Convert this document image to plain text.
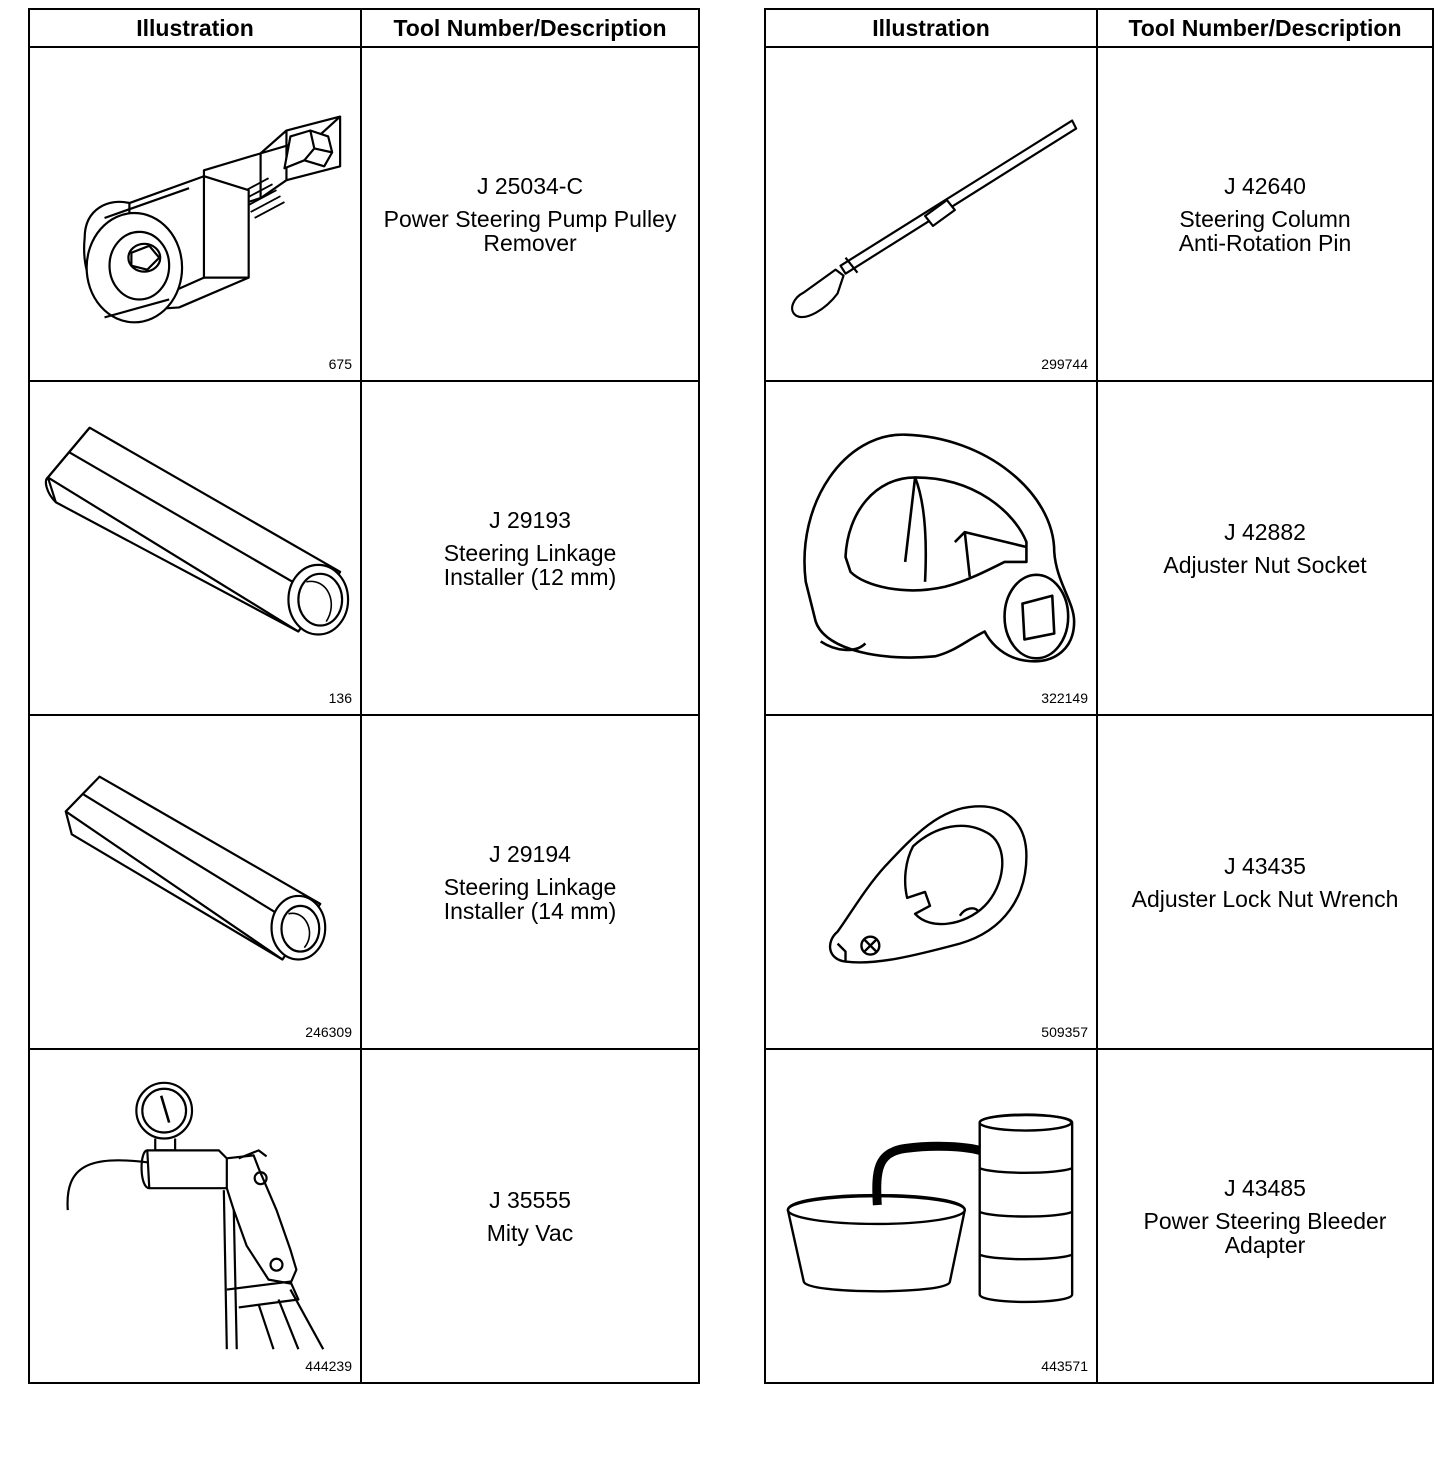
Illustration	Tool Number/Description

675	J 25034-C
Power Steering Pump Pulley
Remover

136	J 29193
Steering Linkage
Installer (12 mm)

246309	J 29194
Steering Linkage
Installer (14 mm)

444239	J 35555
Mity Vac
Illustration	Tool Number/Description

299744	J 42640
Steering Column
Anti-Rotation Pin

322149	J 42882
Adjuster Nut Socket

509357	J 43435
Adjuster Lock Nut Wrench

443571	J 43485
Power Steering Bleeder
Adapter
